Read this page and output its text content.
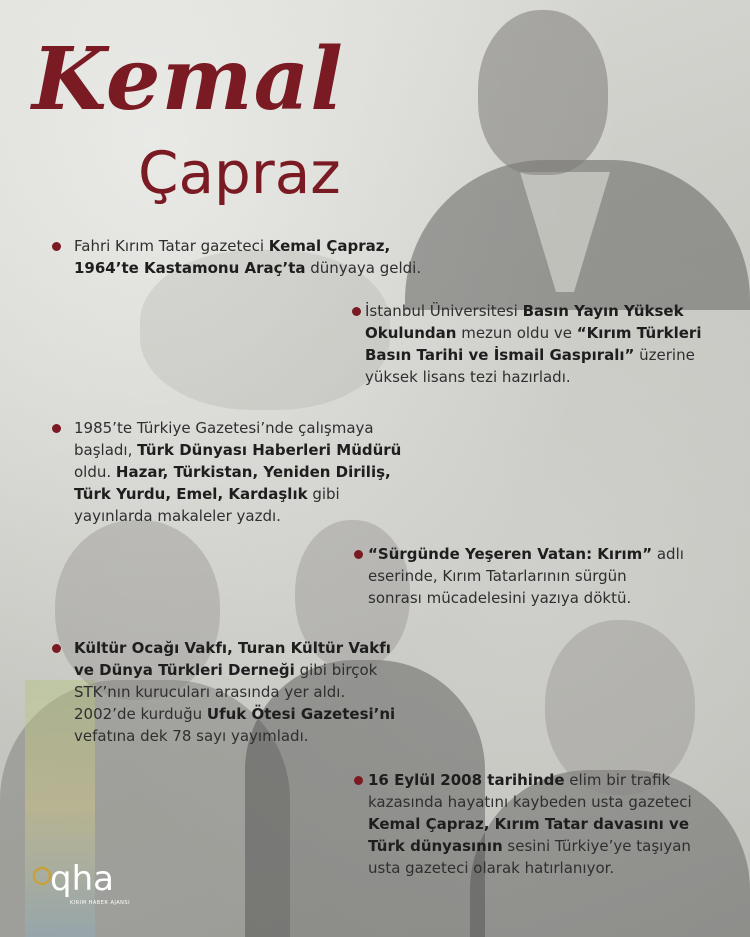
Kemal
Çapraz
Fahri Kırım Tatar gazeteci Kemal Çapraz,
1964’te Kastamonu Araç’ta dünyaya geldi.
İstanbul Üniversitesi Basın Yayın Yüksek
Okulundan mezun oldu ve “Kırım Türkleri
Basın Tarihi ve İsmail Gaspıralı” üzerine
yüksek lisans tezi hazırladı.
1985’te Türkiye Gazetesi’nde çalışmaya
başladı, Türk Dünyası Haberleri Müdürü
oldu. Hazar, Türkistan, Yeniden Diriliş,
Türk Yurdu, Emel, Kardaşlık gibi
yayınlarda makaleler yazdı.
“Sürgünde Yeşeren Vatan: Kırım” adlı
eserinde, Kırım Tatarlarının sürgün
sonrası mücadelesini yazıya döktü.
Kültür Ocağı Vakfı, Turan Kültür Vakfı
ve Dünya Türkleri Derneği gibi birçok
STK’nın kurucuları arasında yer aldı.
2002’de kurduğu Ufuk Ötesi Gazetesi’ni
vefatına dek 78 sayı yayımladı.
16 Eylül 2008 tarihinde elim bir trafik
kazasında hayatını kaybeden usta gazeteci
Kemal Çapraz, Kırım Tatar davasını ve
Türk dünyasının sesini Türkiye’ye taşıyan
usta gazeteci olarak hatırlanıyor.
qha
KIRIM HABER AJANSI
